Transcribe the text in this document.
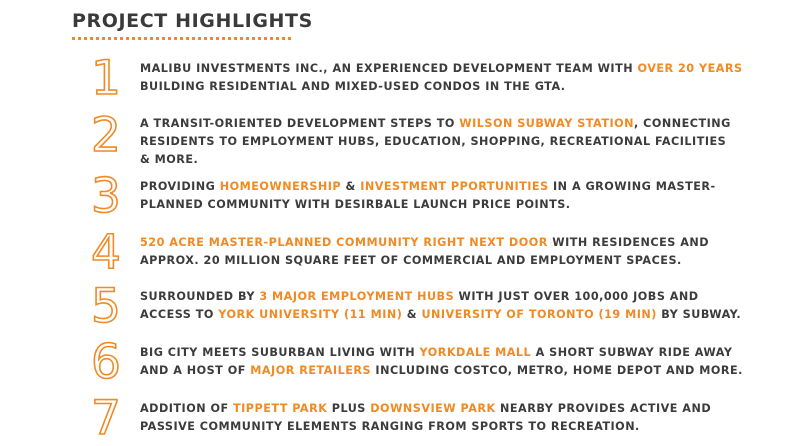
PROJECT HIGHLIGHTS
1	MALIBU INVESTMENTS INC., AN EXPERIENCED DEVELOPMENT TEAM WITH OVER 20 YEARS
BUILDING RESIDENTIAL AND MIXED-USED CONDOS IN THE GTA.
2	A TRANSIT-ORIENTED DEVELOPMENT STEPS TO WILSON SUBWAY STATION, CONNECTING
RESIDENTS TO EMPLOYMENT HUBS, EDUCATION, SHOPPING, RECREATIONAL FACILITIES
& MORE.
3	PROVIDING HOMEOWNERSHIP & INVESTMENT PPORTUNITIES IN A GROWING MASTER-
PLANNED COMMUNITY WITH DESIRBALE LAUNCH PRICE POINTS.
4	520 ACRE MASTER-PLANNED COMMUNITY RIGHT NEXT DOOR WITH RESIDENCES AND
APPROX. 20 MILLION SQUARE FEET OF COMMERCIAL AND EMPLOYMENT SPACES.
5	SURROUNDED BY 3 MAJOR EMPLOYMENT HUBS WITH JUST OVER 100,000 JOBS AND
ACCESS TO YORK UNIVERSITY (11 MIN) & UNIVERSITY OF TORONTO (19 MIN) BY SUBWAY.
6	BIG CITY MEETS SUBURBAN LIVING WITH YORKDALE MALL A SHORT SUBWAY RIDE AWAY
AND A HOST OF MAJOR RETAILERS INCLUDING COSTCO, METRO, HOME DEPOT AND MORE.
7	ADDITION OF TIPPETT PARK PLUS DOWNSVIEW PARK NEARBY PROVIDES ACTIVE AND
PASSIVE COMMUNITY ELEMENTS RANGING FROM SPORTS TO RECREATION.
